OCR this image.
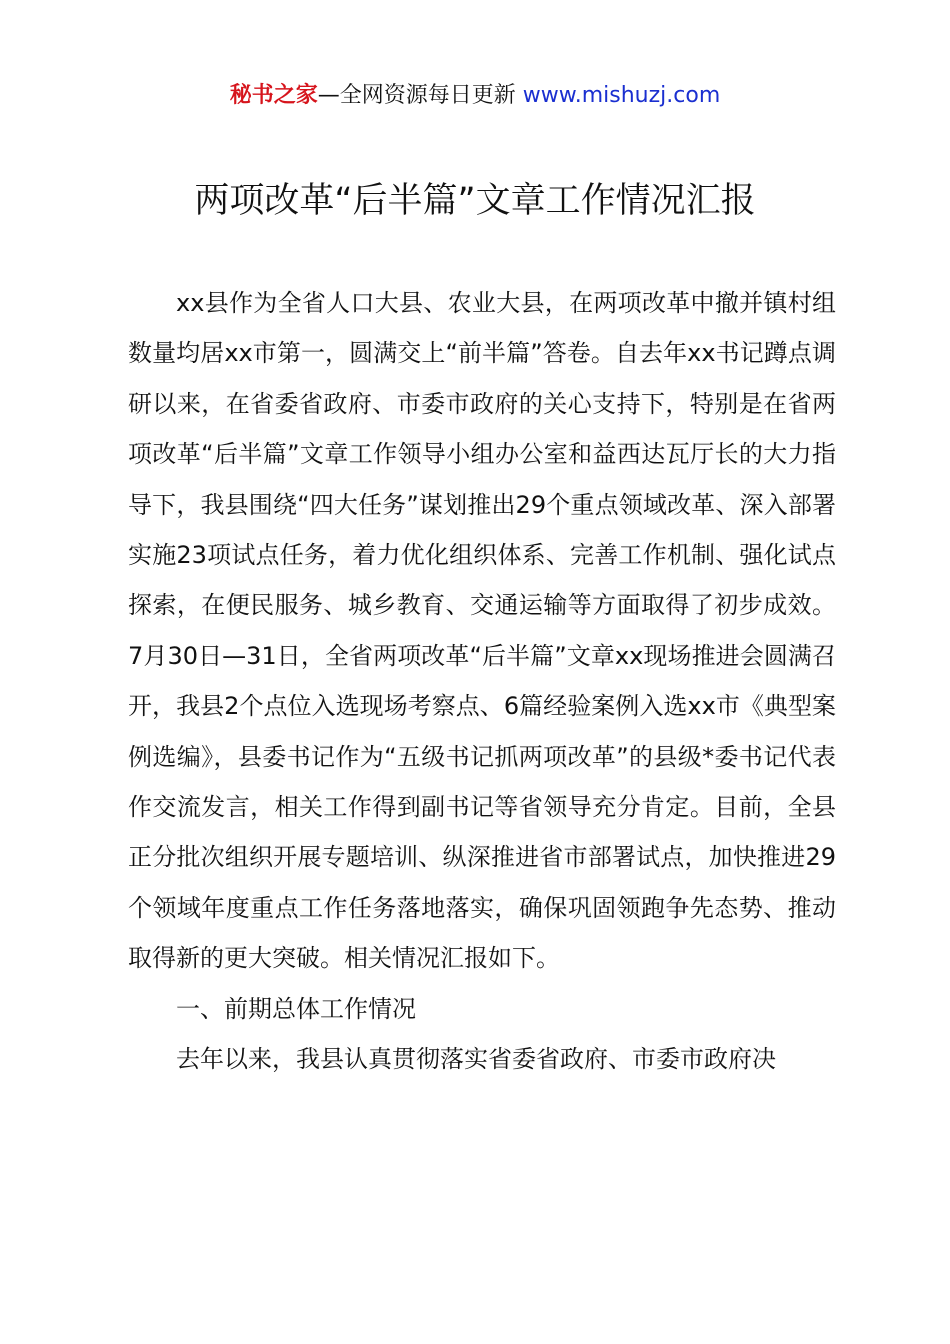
秘书之家—全网资源每日更新 www.mishuzj.com
两项改革“后半篇”文章工作情况汇报

xx县作为全省人口大县、农业大县，在两项改革中撤并镇村组数量均居xx市第一，圆满交上“前半篇”答卷。自去年xx书记蹲点调研以来，在省委省政府、市委市政府的关心支持下，特别是在省两项改革“后半篇”文章工作领导小组办公室和益西达瓦厅长的大力指导下，我县围绕“四大任务”谋划推出29个重点领域改革、深入部署实施23项试点任务，着力优化组织体系、完善工作机制、强化试点探索，在便民服务、城乡教育、交通运输等方面取得了初步成效。7月30日—31日，全省两项改革“后半篇”文章xx现场推进会圆满召开，我县2个点位入选现场考察点、6篇经验案例入选xx市《典型案例选编》，县委书记作为“五级书记抓两项改革”的县级*委书记代表作交流发言，相关工作得到副书记等省领导充分肯定。目前，全县正分批次组织开展专题培训、纵深推进省市部署试点，加快推进29个领域年度重点工作任务落地落实，确保巩固领跑争先态势、推动取得新的更大突破。相关情况汇报如下。

一、前期总体工作情况

去年以来，我县认真贯彻落实省委省政府、市委市政府决
